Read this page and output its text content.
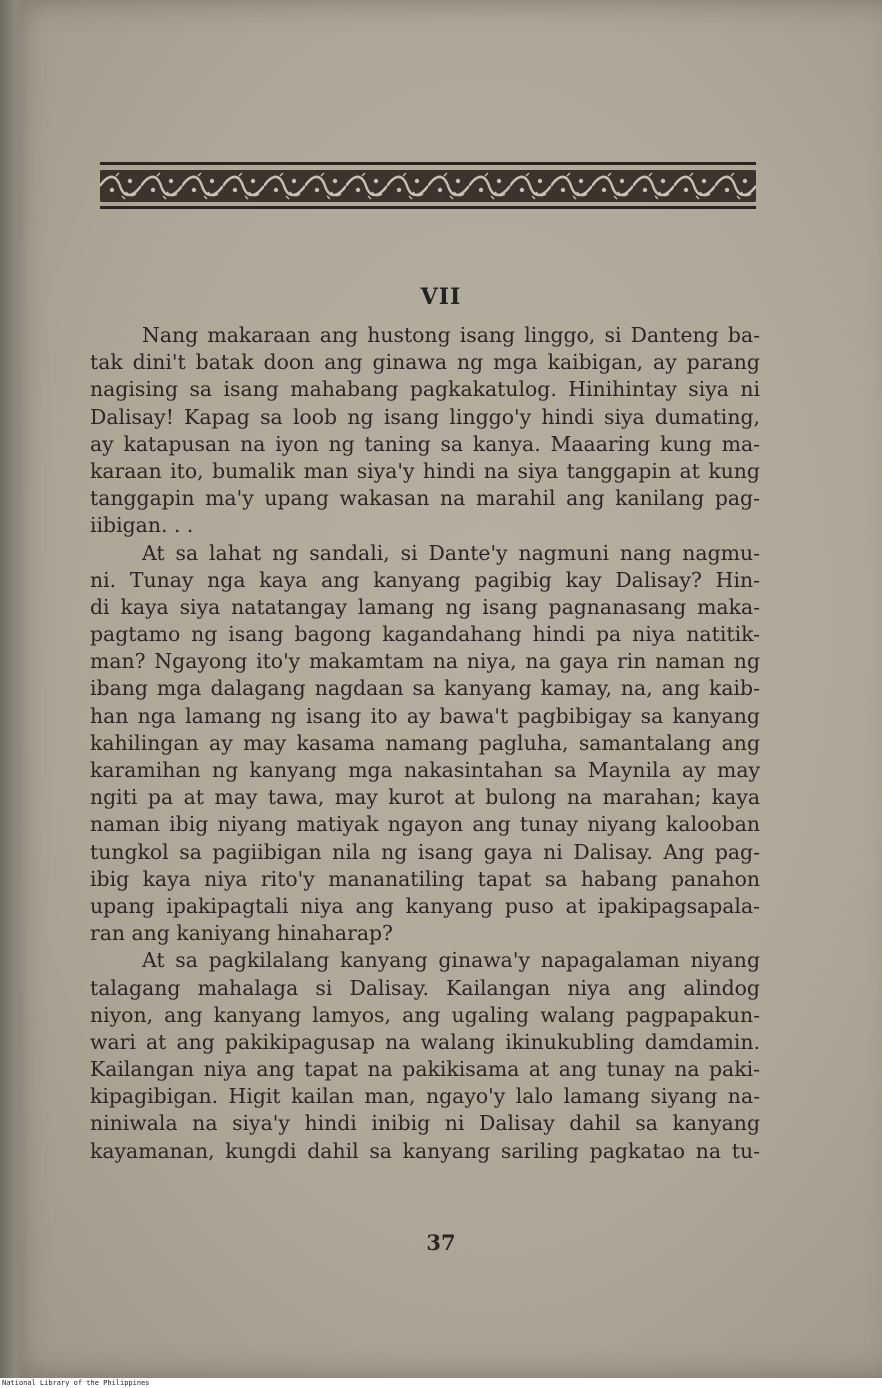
VII
Nang makaraan ang hustong isang linggo, si Danteng ba-
tak dini't batak doon ang ginawa ng mga kaibigan, ay parang
nagising sa isang mahabang pagkakatulog. Hinihintay siya ni
Dalisay! Kapag sa loob ng isang linggo'y hindi siya dumating,
ay katapusan na iyon ng taning sa kanya. Maaaring kung ma-
karaan ito, bumalik man siya'y hindi na siya tanggapin at kung
tanggapin ma'y upang wakasan na marahil ang kanilang pag-
iibigan. . .
At sa lahat ng sandali, si Dante'y nagmuni nang nagmu-
ni. Tunay nga kaya ang kanyang pagibig kay Dalisay? Hin-
di kaya siya natatangay lamang ng isang pagnanasang maka-
pagtamo ng isang bagong kagandahang hindi pa niya natitik-
man? Ngayong ito'y makamtam na niya, na gaya rin naman ng
ibang mga dalagang nagdaan sa kanyang kamay, na, ang kaib-
han nga lamang ng isang ito ay bawa't pagbibigay sa kanyang
kahilingan ay may kasama namang pagluha, samantalang ang
karamihan ng kanyang mga nakasintahan sa Maynila ay may
ngiti pa at may tawa, may kurot at bulong na marahan; kaya
naman ibig niyang matiyak ngayon ang tunay niyang kalooban
tungkol sa pagiibigan nila ng isang gaya ni Dalisay. Ang pag-
ibig kaya niya rito'y mananatiling tapat sa habang panahon
upang ipakipagtali niya ang kanyang puso at ipakipagsapala-
ran ang kaniyang hinaharap?
At sa pagkilalang kanyang ginawa'y napagalaman niyang
talagang mahalaga si Dalisay. Kailangan niya ang alindog
niyon, ang kanyang lamyos, ang ugaling walang pagpapakun-
wari at ang pakikipagusap na walang ikinukubling damdamin.
Kailangan niya ang tapat na pakikisama at ang tunay na paki-
kipagibigan. Higit kailan man, ngayo'y lalo lamang siyang na-
niniwala na siya'y hindi inibig ni Dalisay dahil sa kanyang
kayamanan, kungdi dahil sa kanyang sariling pagkatao na tu-
37
National Library of the Philippines
